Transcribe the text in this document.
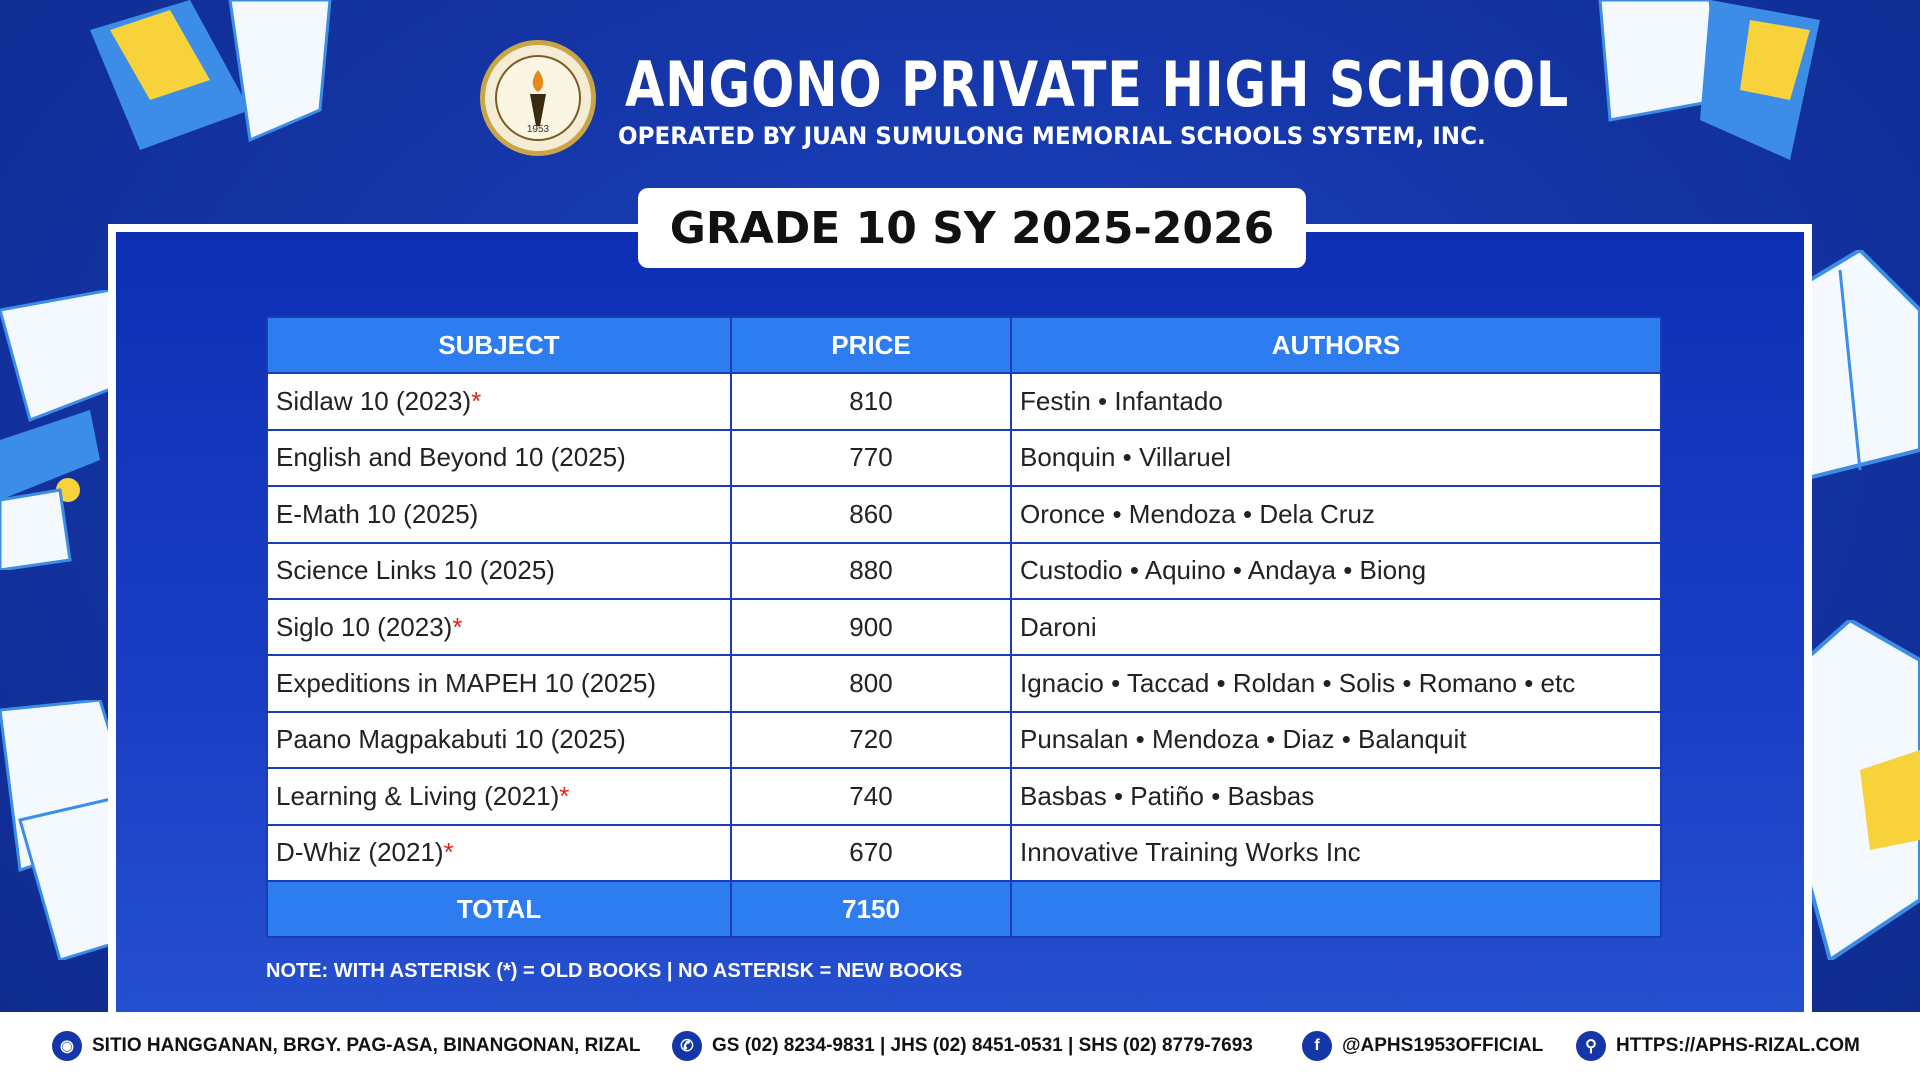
1953
ANGONO PRIVATE HIGH SCHOOL
OPERATED BY JUAN SUMULONG MEMORIAL SCHOOLS SYSTEM, INC.
GRADE 10 SY 2025-2026
SUBJECT	PRICE	AUTHORS
Sidlaw 10 (2023)*	810	Festin • Infantado
English and Beyond 10 (2025)	770	Bonquin • Villaruel
E-Math 10 (2025)	860	Oronce • Mendoza • Dela Cruz
Science Links 10 (2025)	880	Custodio • Aquino • Andaya • Biong
Siglo 10 (2023)*	900	Daroni
Expeditions in MAPEH 10 (2025)	800	Ignacio • Taccad • Roldan • Solis • Romano • etc
Paano Magpakabuti 10 (2025)	720	Punsalan • Mendoza • Diaz • Balanquit
Learning & Living (2021)*	740	Basbas • Patiño • Basbas
D-Whiz (2021)*	670	Innovative Training Works Inc
TOTAL	7150	
NOTE: WITH ASTERISK (*) = OLD BOOKS | NO ASTERISK = NEW BOOKS
◉ SITIO HANGGANAN, BRGY. PAG-ASA, BINANGONAN, RIZAL	✆ GS (02) 8234-9831 | JHS (02) 8451-0531 | SHS (02) 8779-7693	f	@APHS1953OFFICIAL	⚲	HTTPS://APHS-RIZAL.COM
